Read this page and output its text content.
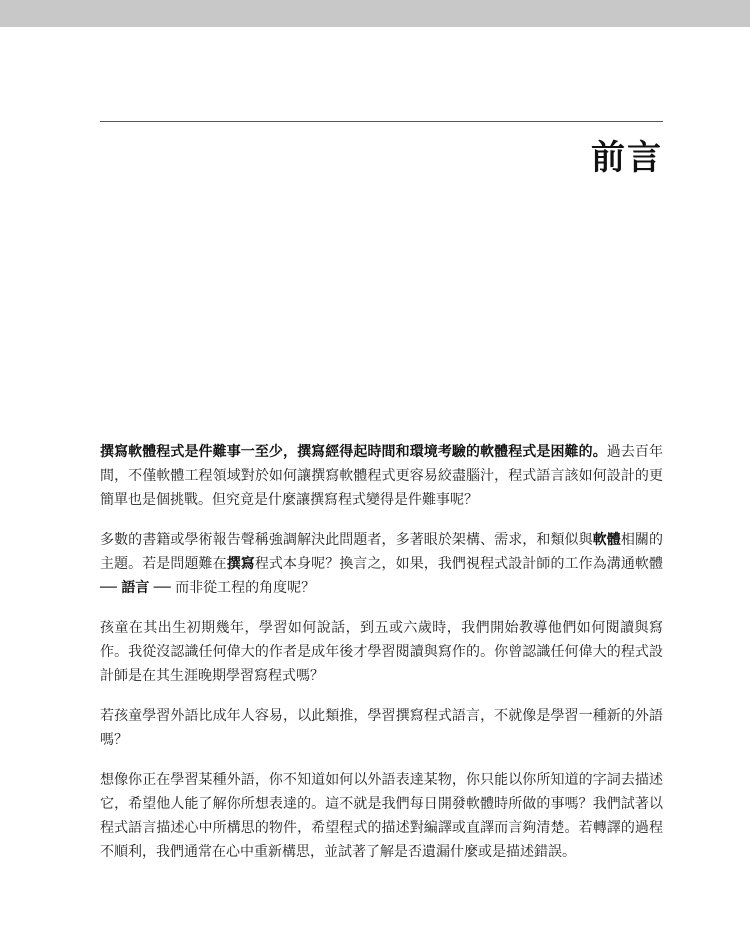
前言

撰寫軟體程式是件難事一至少，撰寫經得起時間和環境考驗的軟體程式是困難的。過去百年間，不僅軟體工程領域對於如何讓撰寫軟體程式更容易絞盡腦汁，程式語言該如何設計的更簡單也是個挑戰。但究竟是什麼讓撰寫程式變得是件難事呢？

多數的書籍或學術報告聲稱強調解決此問題者，多著眼於架構、需求，和類似與軟體相關的主題。若是問題難在撰寫程式本身呢？換言之，如果，我們視程式設計師的工作為溝通軟體 ── 語言 ── 而非從工程的角度呢？

孩童在其出生初期幾年，學習如何說話，到五或六歲時，我們開始教導他們如何閱讀與寫作。我從沒認識任何偉大的作者是成年後才學習閱讀與寫作的。你曾認識任何偉大的程式設計師是在其生涯晚期學習寫程式嗎？

若孩童學習外語比成年人容易，以此類推，學習撰寫程式語言，不就像是學習一種新的外語嗎？

想像你正在學習某種外語，你不知道如何以外語表達某物，你只能以你所知道的字詞去描述它，希望他人能了解你所想表達的。這不就是我們每日開發軟體時所做的事嗎？我們試著以程式語言描述心中所構思的物件，希望程式的描述對編譯或直譯而言夠清楚。若轉譯的過程不順利，我們通常在心中重新構思，並試著了解是否遺漏什麼或是描述錯誤。
